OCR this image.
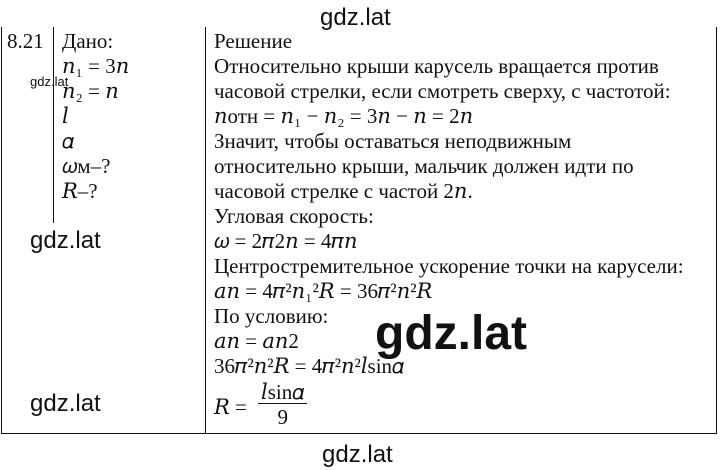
gdz.lat
gdz.lat
gdz.lat
gdz.lat
gdz.lat
gdz.lat
8.21 Дано:
𝑛₁ = 3𝑛
𝑛₂ = 𝑛
𝑙
𝛼
𝜔м–?
𝑅–?
Решение
Относительно крыши карусель вращается против
часовой стрелки, если смотреть сверху, с частотой:
𝑛отн = 𝑛₁ − 𝑛₂ = 3𝑛 − 𝑛 = 2𝑛
Значит, чтобы оставаться неподвижным
относительно крыши, мальчик должен идти по
часовой стрелке с частой 2𝑛.
Угловая скорость:
𝜔 = 2𝜋2𝑛 = 4𝜋𝑛
Центростремительное ускорение точки на карусели:
𝑎𝑛 = 4𝜋²𝑛₁²𝑅 = 36𝜋²𝑛²𝑅
По условию:
𝑎𝑛 = 𝑎𝑛2
36𝜋²𝑛²𝑅 = 4𝜋²𝑛²𝑙sin𝛼
𝑅 =
𝑙sin𝛼
9
